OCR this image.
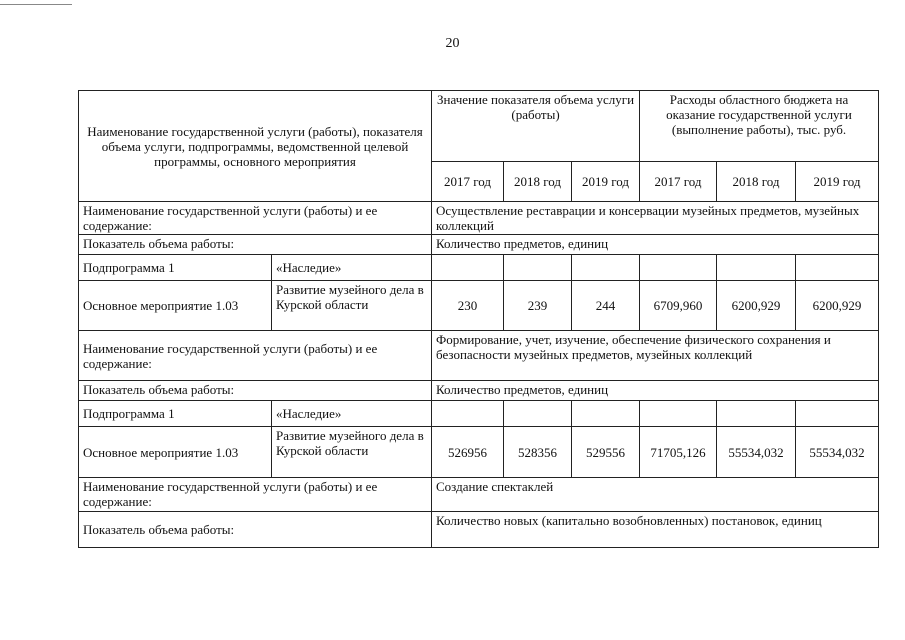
20
Наименование государственной услуги (работы), показателя объема услуги, подпрограммы, ведомственной целевой программы, основного мероприятия		Значение показателя объема услуги (работы)			Расходы областного бюджета на оказание государственной услуги (выполнение работы), тыс. руб.		
		2017 год	2018 год	2019 год	2017 год	2018 год	2019 год
Наименование государственной услуги (работы) и ее содержание:		Осуществление реставрации и консервации музейных предметов, музейных коллекций					
Показатель объема работы:		Количество предметов, единиц					
Подпрограмма 1	«Наследие»						
Основное мероприятие 1.03	Развитие музейного дела в Курской области	230	239	244	6709,960	6200,929	6200,929
Наименование государственной услуги (работы) и ее содержание:		Формирование, учет, изучение, обеспечение физического сохранения и безопасности музейных предметов, музейных коллекций					
Показатель объема работы:		Количество предметов, единиц					
Подпрограмма 1	«Наследие»						
Основное мероприятие 1.03	Развитие музейного дела в Курской области	526956	528356	529556	71705,126	55534,032	55534,032
Наименование государственной услуги (работы) и ее содержание:		Создание спектаклей					
Показатель объема работы:		Количество новых (капитально возобновленных) постановок, единиц					
